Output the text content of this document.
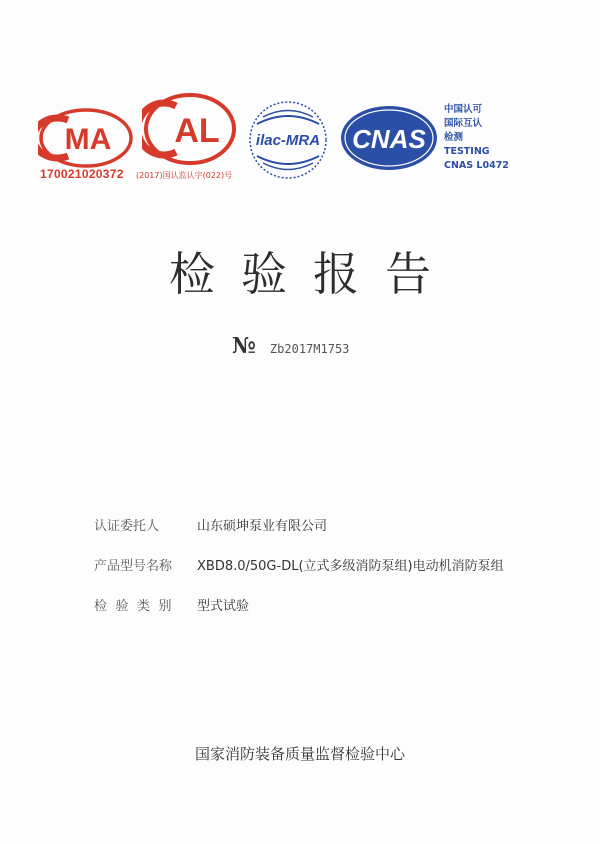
MA
170021020372
AL
(2017)国认监认字(022)号
ilac-MRA CNAS
中国认可
国际互认
检测
TESTING
CNAS L0472
检验报告
№ Zb2017M1753
认证委托人	山东硕坤泵业有限公司
产品型号名称	XBD8.0/50G-DL(立式多级消防泵组)电动机消防泵组
检验类别	型式试验
国家消防装备质量监督检验中心
